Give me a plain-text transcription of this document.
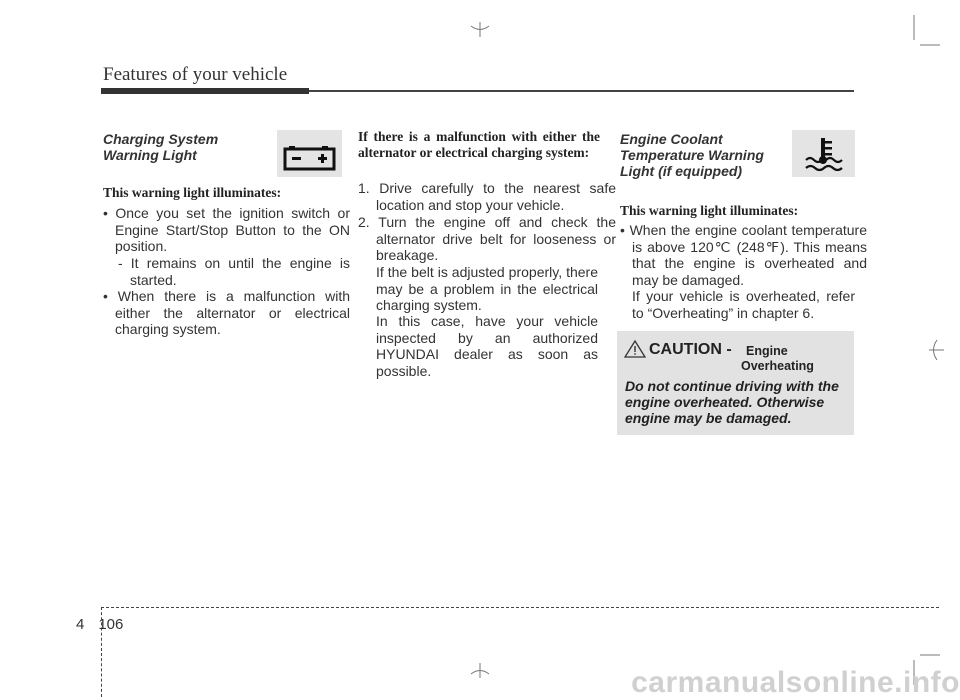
Features of your vehicle
Charging System
Warning Light
This warning light illuminates:
• Once you set the ignition switch or Engine Start/Stop Button to the ON position.
- It remains on until the engine is started.
• When there is a malfunction with either the alternator or electrical charging system.
If there is a malfunction with either the alternator or electrical charging system:
1. Drive carefully to the nearest safe location and stop your vehicle.
2. Turn the engine off and check the alternator drive belt for looseness or breakage.
If the belt is adjusted properly, there may be a problem in the electrical charging system.
In this case, have your vehicle inspected by an authorized HYUNDAI dealer as soon as possible.
Engine Coolant
Temperature Warning
Light (if equipped)
This warning light illuminates:
• When the engine coolant temperature is above 120℃ (248℉). This means that the engine is overheated and may be damaged.
If your vehicle is overheated, refer to “Overheating” in chapter 6.
CAUTION - Engine
Overheating
Do not continue driving with the engine overheated. Otherwise engine may be damaged.
4 106
carmanualsonline.info
